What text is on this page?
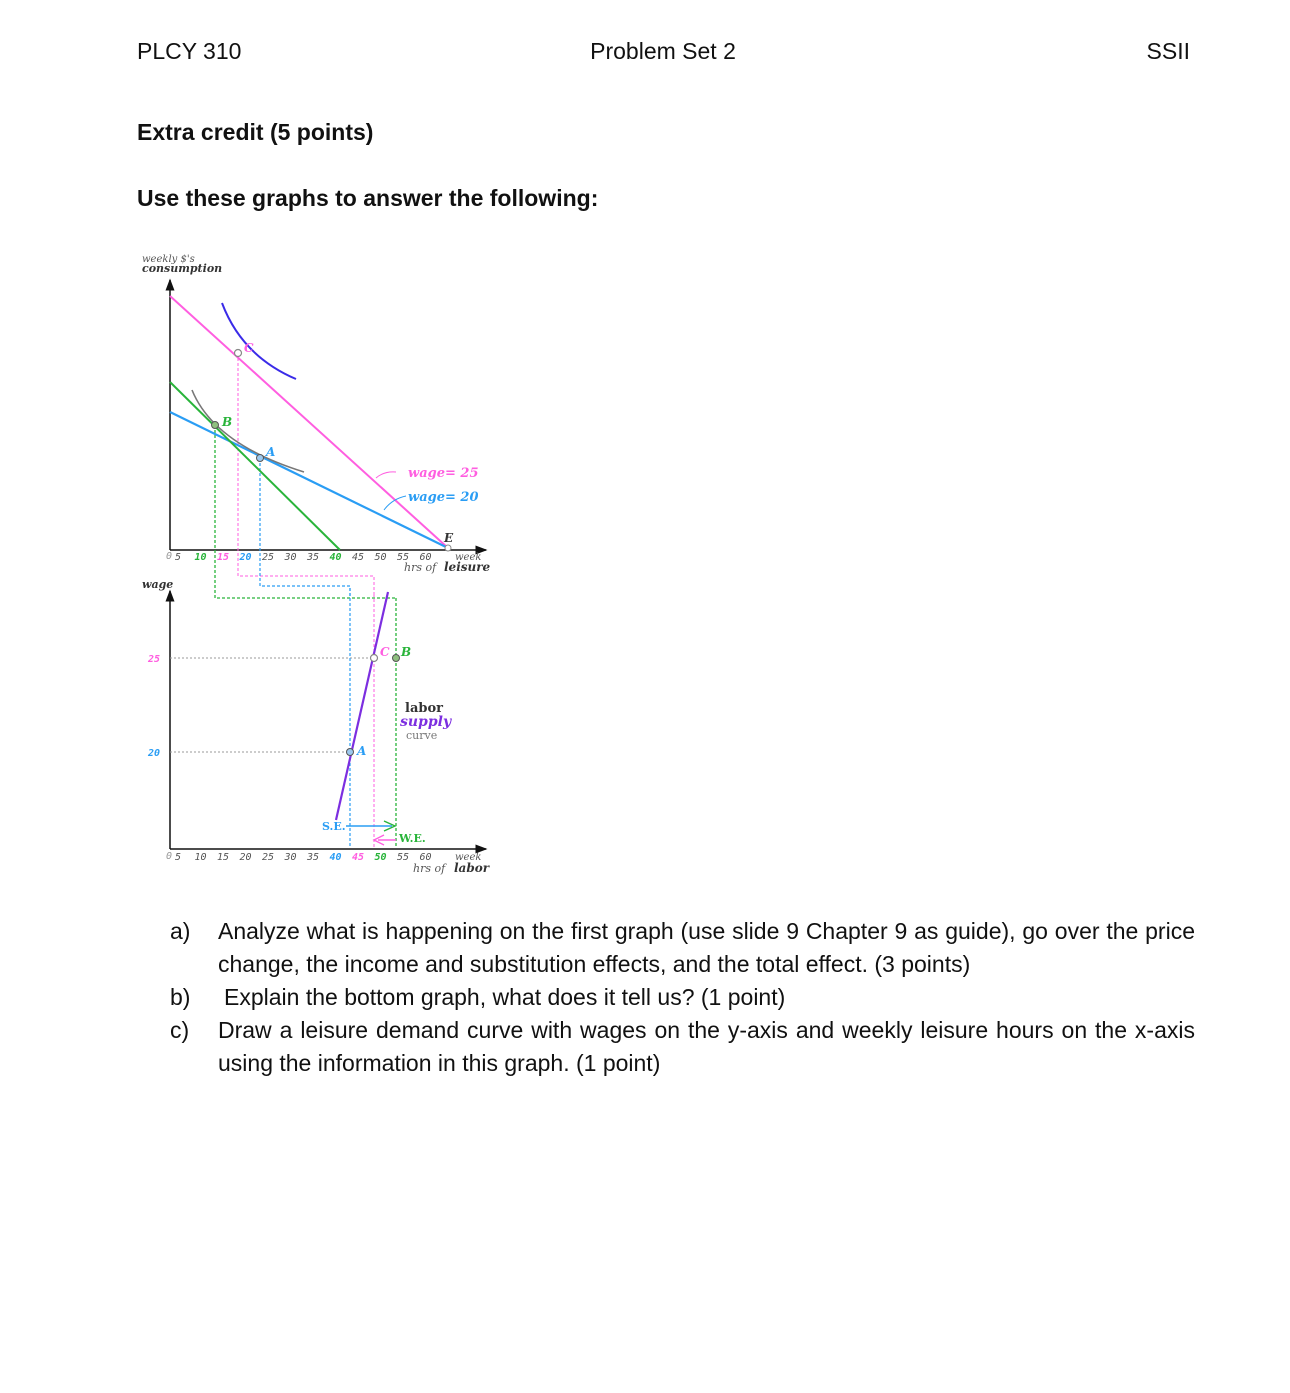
PLCY 310	Problem Set 2	SSII
Extra credit (5 points)
Use these graphs to answer the following:
weekly $'s
consumption
C
B
A
E
wage= 25
wage= 20
0 5 10 15 20 25 30 35 40 45 50 55 60 week
hrs of leisure
wage
25
20
C B
A
labor
supply
curve
S.E.
W.E.
0 5 10 15 20 25 30 35 40 45 50 55 60 week
hrs of labor
a)	Analyze what is happening on the first graph (use slide 9 Chapter 9 as guide), go over the price change, the income and substitution effects, and the total effect. (3 points)
b)	Explain the bottom graph, what does it tell us? (1 point)
c)	Draw a leisure demand curve with wages on the y-axis and weekly leisure hours on the x-axis using the information in this graph. (1 point)
